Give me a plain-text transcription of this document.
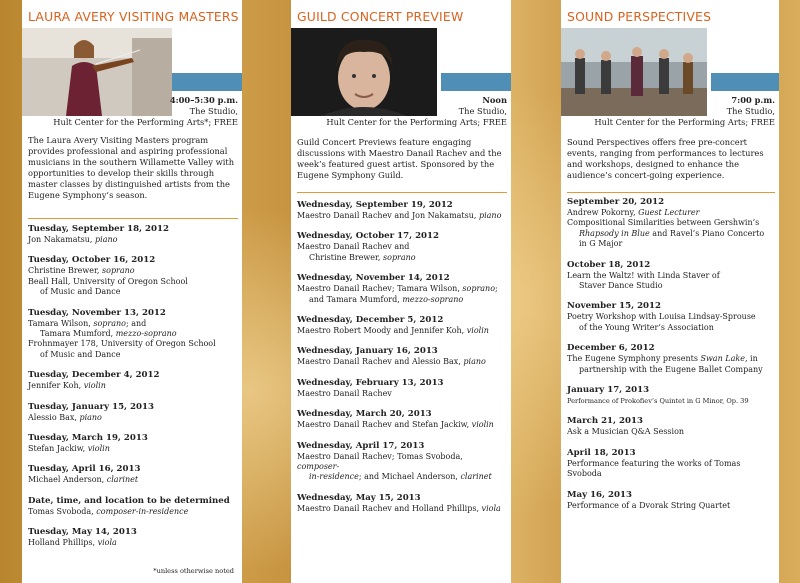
LAURA AVERY VISITING MASTERS
4:00–5:30 p.m.
The Studio,
Hult Center for the Performing Arts*; FREE
The Laura Avery Visiting Masters program provides professional and aspiring professional musicians in the southern Willamette Valley with opportunities to develop their skills through master classes by distinguished artists from the Eugene Symphony’s season.
Tuesday, September 18, 2012
Jon Nakamatsu, piano
Tuesday, October 16, 2012
Christine Brewer, soprano
Beall Hall, University of Oregon School
of Music and Dance
Tuesday, November 13, 2012
Tamara Wilson, soprano; and
Tamara Mumford, mezzo-soprano
Frohnmayer 178, University of Oregon School
of Music and Dance
Tuesday, December 4, 2012
Jennifer Koh, violin
Tuesday, January 15, 2013
Alessio Bax, piano
Tuesday, March 19, 2013
Stefan Jackiw, violin
Tuesday, April 16, 2013
Michael Anderson, clarinet
Date, time, and location to be determined
Tomas Svoboda, composer-in-residence
Tuesday, May 14, 2013
Holland Phillips, viola
*unless otherwise noted
GUILD CONCERT PREVIEW
Noon
The Studio,
Hult Center for the Performing Arts; FREE
Guild Concert Previews feature engaging discussions with Maestro Danail Rachev and the week’s featured guest artist. Sponsored by the Eugene Symphony Guild.
Wednesday, September 19, 2012
Maestro Danail Rachev and Jon Nakamatsu, piano
Wednesday, October 17, 2012
Maestro Danail Rachev and
Christine Brewer, soprano
Wednesday, November 14, 2012
Maestro Danail Rachev; Tamara Wilson, soprano;
and Tamara Mumford, mezzo-soprano
Wednesday, December 5, 2012
Maestro Robert Moody and Jennifer Koh, violin
Wednesday, January 16, 2013
Maestro Danail Rachev and Alessio Bax, piano
Wednesday, February 13, 2013
Maestro Danail Rachev
Wednesday, March 20, 2013
Maestro Danail Rachev and Stefan Jackiw, violin
Wednesday, April 17, 2013
Maestro Danail Rachev; Tomas Svoboda, composer-
in-residence; and Michael Anderson, clarinet
Wednesday, May 15, 2013
Maestro Danail Rachev and Holland Phillips, viola
SOUND PERSPECTIVES
7:00 p.m.
The Studio,
Hult Center for the Performing Arts; FREE
Sound Perspectives offers free pre-concert events, ranging from performances to lectures and workshops, designed to enhance the audience’s concert-going experience.
September 20, 2012
Andrew Pokorny, Guest Lecturer
Compositional Similarities between Gershwin’s
Rhapsody in Blue and Ravel’s Piano Concerto
in G Major
October 18, 2012
Learn the Waltz! with Linda Staver of
Staver Dance Studio
November 15, 2012
Poetry Workshop with Louisa Lindsay-Sprouse
of the Young Writer’s Association
December 6, 2012
The Eugene Symphony presents Swan Lake, in
partnership with the Eugene Ballet Company
January 17, 2013
Performance of Prokofiev’s Quintet in G Minor, Op. 39
March 21, 2013
Ask a Musician Q&A Session
April 18, 2013
Performance featuring the works of Tomas Svoboda
May 16, 2013
Performance of a Dvorak String Quartet
